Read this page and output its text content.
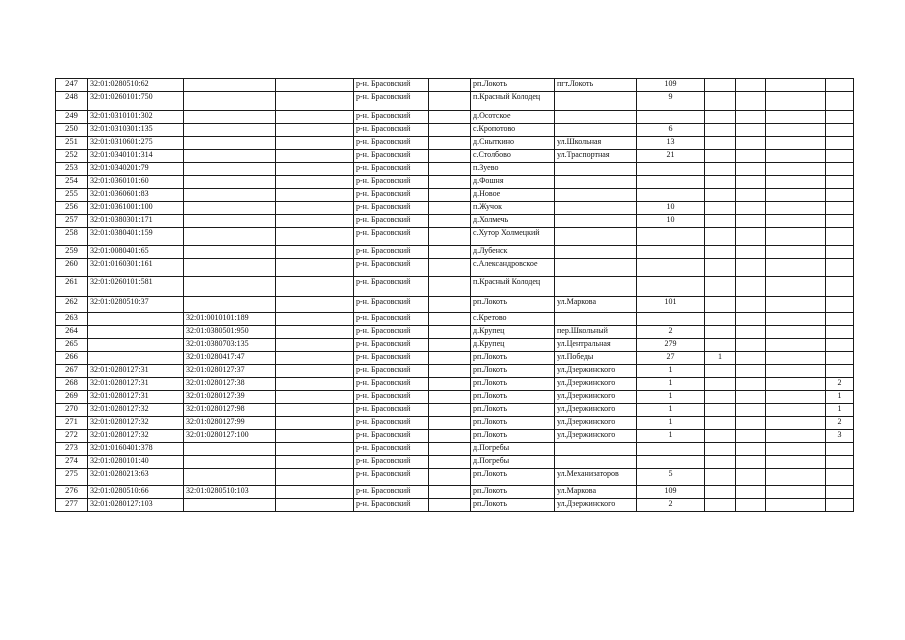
247	32:01:0280510:62			р-н. Брасовский		рп.Локоть	пгт.Локоть	109				
248	32:01:0260101:750			р-н. Брасовский		п.Красный Колодец		9				
249	32:01:0310101:302			р-н. Брасовский		д.Осотское						
250	32:01:0310301:135			р-н. Брасовский		с.Кропотово		6				
251	32:01:0310601:275			р-н. Брасовский		д.Сныткино	ул.Школьная	13				
252	32:01:0340101:314			р-н. Брасовский		с.Столбово	ул.Траспортная	21				
253	32:01:0340201:79			р-н. Брасовский		п.Зуево						
254	32:01:0360101:60			р-н. Брасовский		д.Фошня						
255	32:01:0360601:83			р-н. Брасовский		д.Новое						
256	32:01:0361001:100			р-н. Брасовский		п.Жучок		10				
257	32:01:0380301:171			р-н. Брасовский		д.Холмечь		10				
258	32:01:0380401:159			р-н. Брасовский		с.Хутор Холмецкий						
259	32:01:0080401:65			р-н. Брасовский		д.Лубенск						
260	32:01:0160301:161			р-н. Брасовский		с.Александровское						
261	32:01:0260101:581			р-н. Брасовский		п.Красный Колодец						
262	32:01:0280510:37			р-н. Брасовский		рп.Локоть	ул.Маркова	101				
263		32:01:0010101:189		р-н. Брасовский		с.Кретово						
264		32:01:0380501:950		р-н. Брасовский		д.Крупец	пер.Школьный	2				
265		32:01:0380703:135		р-н. Брасовский		д.Крупец	ул.Центральная	279				
266		32:01:0280417:47		р-н. Брасовский		рп.Локоть	ул.Победы	27	1			
267	32:01:0280127:31	32:01:0280127:37		р-н. Брасовский		рп.Локоть	ул.Дзержинского	1				
268	32:01:0280127:31	32:01:0280127:38		р-н. Брасовский		рп.Локоть	ул.Дзержинского	1				2
269	32:01:0280127:31	32:01:0280127:39		р-н. Брасовский		рп.Локоть	ул.Дзержинского	1				1
270	32:01:0280127:32	32:01:0280127:98		р-н. Брасовский		рп.Локоть	ул.Дзержинского	1				1
271	32:01:0280127:32	32:01:0280127:99		р-н. Брасовский		рп.Локоть	ул.Дзержинского	1				2
272	32:01:0280127:32	32:01:0280127:100		р-н. Брасовский		рп.Локоть	ул.Дзержинского	1				3
273	32:01:0160401:378			р-н. Брасовский		д.Погребы						
274	32:01:0280101:40			р-н. Брасовский		д.Погребы						
275	32:01:0280213:63			р-н. Брасовский		рп.Локоть	ул.Механизаторов	5				
276	32:01:0280510:66	32:01:0280510:103		р-н. Брасовский		рп.Локоть	ул.Маркова	109				
277	32:01:0280127:103			р-н. Брасовский		рп.Локоть	ул.Дзержинского	2				
